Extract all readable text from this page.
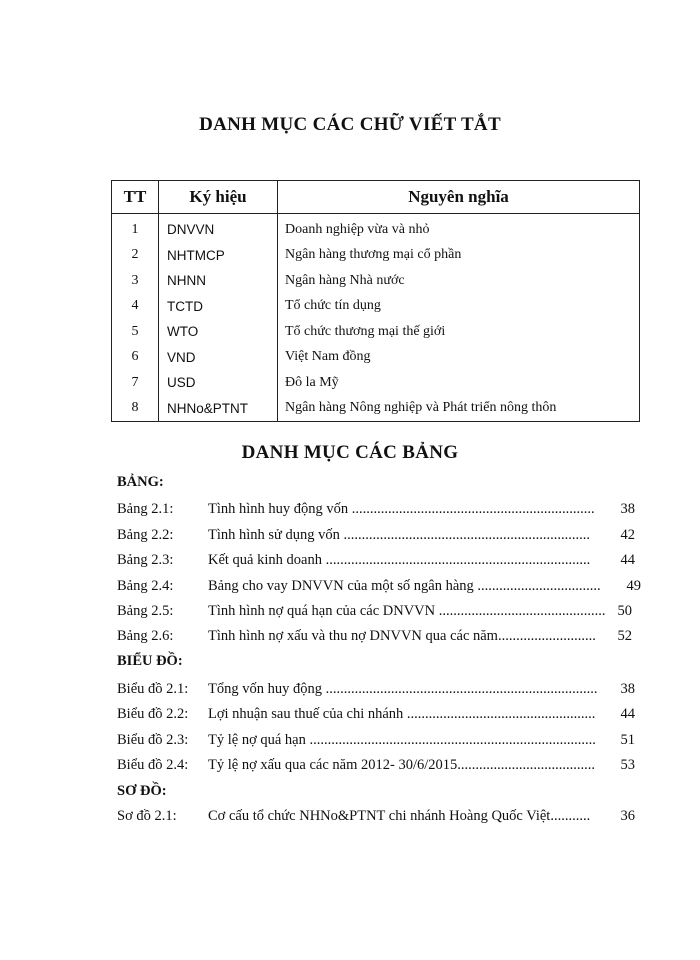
DANH MỤC CÁC CHỮ VIẾT TẮT
TT	Ký hiệu	Nguyên nghĩa
1	DNVVN	Doanh nghiệp vừa và nhỏ
2	NHTMCP	Ngân hàng thương mại cổ phần
3	NHNN	Ngân hàng Nhà nước
4	TCTD	Tổ chức tín dụng
5	WTO	Tổ chức thương mại thế giới
6	VND	Việt Nam đồng
7	USD	Đô la Mỹ
8	NHNo&PTNT	Ngân hàng Nông nghiệp và Phát triển nông thôn
DANH MỤC CÁC BẢNG
BẢNG:
Bảng 2.1: Tình hình huy động vốn ................................................................... 38
Bảng 2.2: Tình hình sử dụng vốn .................................................................... 42
Bảng 2.3: Kết quả kinh doanh ......................................................................... 44
Bảng 2.4: Bảng cho vay DNVVN của một số ngân hàng .................................. 49
Bảng 2.5: Tình hình nợ quá hạn của các DNVVN .............................................. 50
Bảng 2.6: Tình hình nợ xấu và thu nợ DNVVN qua các năm........................... 52
BIỂU ĐỒ:
Biểu đồ 2.1: Tổng vốn huy động ........................................................................... 38
Biểu đồ 2.2: Lợi nhuận sau thuế của chi nhánh .................................................... 44
Biểu đồ 2.3: Tỷ lệ nợ quá hạn ............................................................................... 51
Biểu đồ 2.4: Tỷ lệ nợ xấu qua các năm 2012- 30/6/2015...................................... 53
SƠ ĐỒ:
Sơ đồ 2.1: Cơ cấu tổ chức NHNo&PTNT chi nhánh Hoàng Quốc Việt........... 36
